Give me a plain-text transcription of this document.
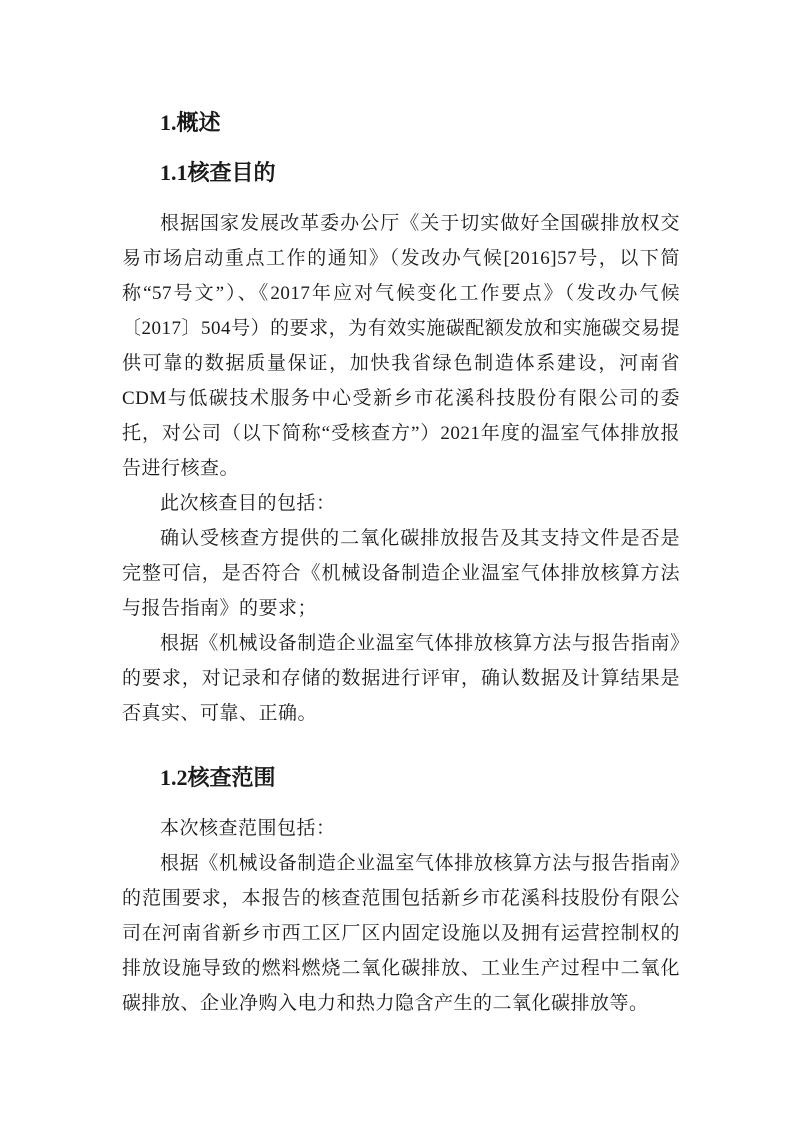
1.概述
1.1核查目的

根据国家发展改革委办公厅《关于切实做好全国碳排放权交易市场启动重点工作的通知》（发改办气候[2016]57号，以下简称“57号文”）、《2017年应对气候变化工作要点》（发改办气候〔2017〕504号）的要求，为有效实施碳配额发放和实施碳交易提供可靠的数据质量保证，加快我省绿色制造体系建设，河南省CDM与低碳技术服务中心受新乡市花溪科技股份有限公司的委托，对公司（以下简称“受核查方”）2021年度的温室气体排放报告进行核查。

此次核查目的包括：

确认受核查方提供的二氧化碳排放报告及其支持文件是否是完整可信，是否符合《机械设备制造企业温室气体排放核算方法与报告指南》的要求；

根据《机械设备制造企业温室气体排放核算方法与报告指南》的要求，对记录和存储的数据进行评审，确认数据及计算结果是否真实、可靠、正确。

1.2核查范围

本次核查范围包括：

根据《机械设备制造企业温室气体排放核算方法与报告指南》的范围要求，本报告的核查范围包括新乡市花溪科技股份有限公司在河南省新乡市西工区厂区内固定设施以及拥有运营控制权的排放设施导致的燃料燃烧二氧化碳排放、工业生产过程中二氧化碳排放、企业净购入电力和热力隐含产生的二氧化碳排放等。
